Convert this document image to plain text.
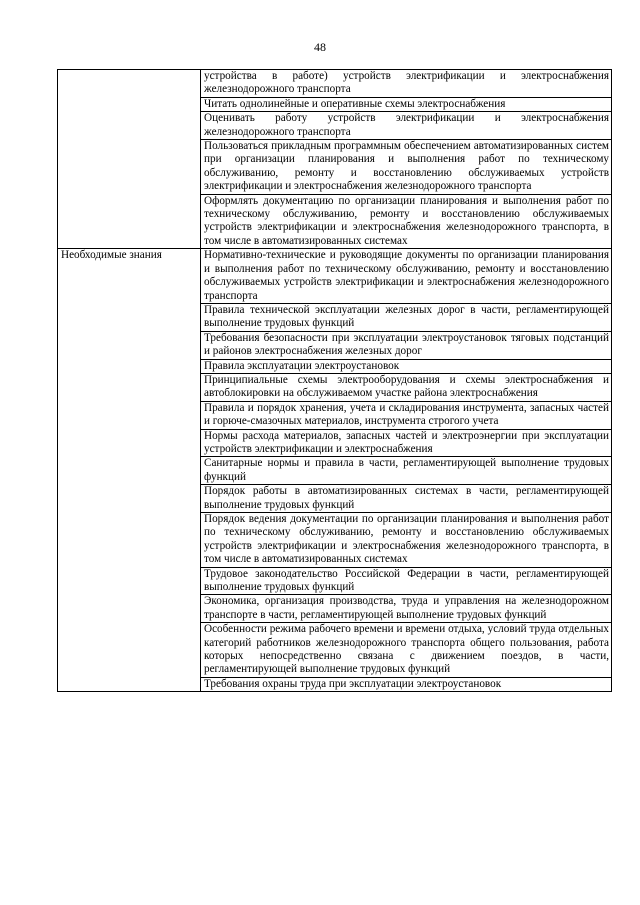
48
	устройства в работе) устройств электрификации и электроснабжения железнодорожного транспорта
	Читать однолинейные и оперативные схемы электроснабжения
	Оценивать работу устройств электрификации и электроснабжения железнодорожного транспорта
	Пользоваться прикладным программным обеспечением автоматизированных систем при организации планирования и выполнения работ по техническому обслуживанию, ремонту и восстановлению обслуживаемых устройств электрификации и электроснабжения железнодорожного транспорта
	Оформлять документацию по организации планирования и выполнения работ по техническому обслуживанию, ремонту и восстановлению обслуживаемых устройств электрификации и электроснабжения железнодорожного транспорта, в том числе в автоматизированных системах
Необходимые знания	Нормативно-технические и руководящие документы по организации планирования и выполнения работ по техническому обслуживанию, ремонту и восстановлению обслуживаемых устройств электрификации и электроснабжения железнодорожного транспорта
	Правила технической эксплуатации железных дорог в части, регламентирующей выполнение трудовых функций
	Требования безопасности при эксплуатации электроустановок тяговых подстанций и районов электроснабжения железных дорог
	Правила эксплуатации электроустановок
	Принципиальные схемы электрооборудования и схемы электроснабжения и автоблокировки на обслуживаемом участке района электроснабжения
	Правила и порядок хранения, учета и складирования инструмента, запасных частей и горюче-смазочных материалов, инструмента строгого учета
	Нормы расхода материалов, запасных частей и электроэнергии при эксплуатации устройств электрификации и электроснабжения
	Санитарные нормы и правила в части, регламентирующей выполнение трудовых функций
	Порядок работы в автоматизированных системах в части, регламентирующей выполнение трудовых функций
	Порядок ведения документации по организации планирования и выполнения работ по техническому обслуживанию, ремонту и восстановлению обслуживаемых устройств электрификации и электроснабжения железнодорожного транспорта, в том числе в автоматизированных системах
	Трудовое законодательство Российской Федерации в части, регламентирующей выполнение трудовых функций
	Экономика, организация производства, труда и управления на железнодорожном транспорте в части, регламентирующей выполнение трудовых функций
	Особенности режима рабочего времени и времени отдыха, условий труда отдельных категорий работников железнодорожного транспорта общего пользования, работа которых непосредственно связана с движением поездов, в части, регламентирующей выполнение трудовых функций
	Требования охраны труда при эксплуатации электроустановок
